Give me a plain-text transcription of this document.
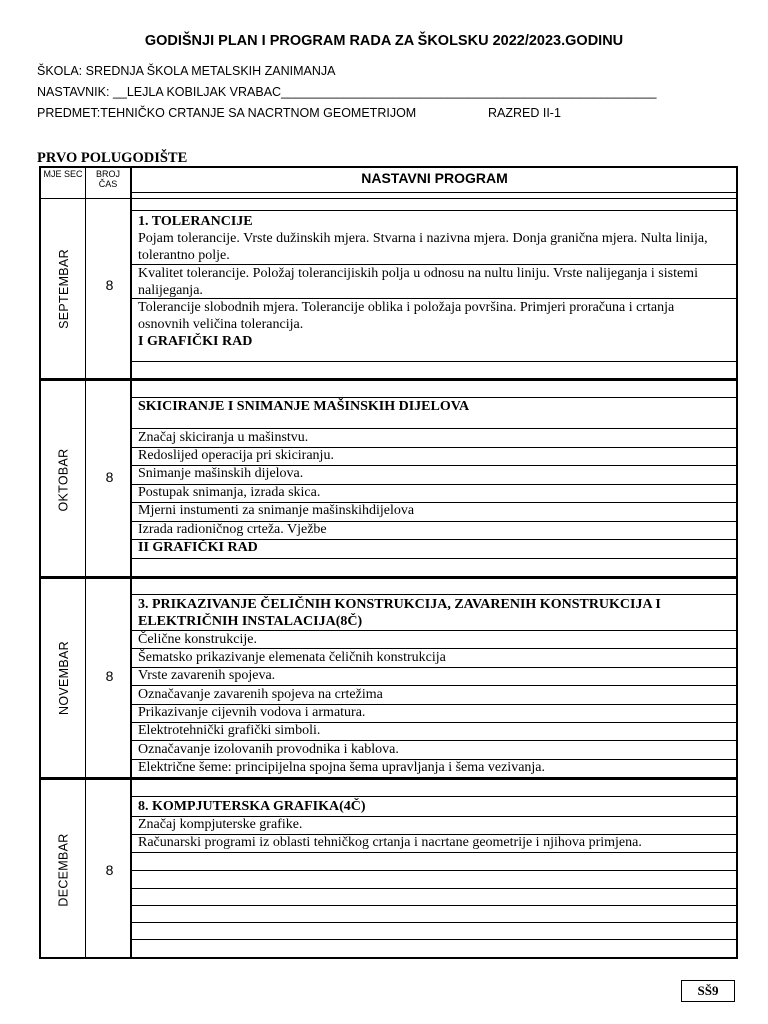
GODIŠNJI PLAN I PROGRAM RADA ZA ŠKOLSKU 2022/2023.GODINU
ŠKOLA: SREDNJA ŠKOLA METALSKIH ZANIMANJA
NASTAVNIK: __LEJLA KOBILJAK VRABAC______________________________________________________
PREDMET:TEHNIČKO CRTANJE SA NACRTNOM GEOMETRIJOM	RAZRED II-1
PRVO POLUGODIŠTE
MJE SEC	BROJ ČAS	NASTAVNI PROGRAM
SEPTEMBAR	8
1. TOLERANCIJE
Pojam tolerancije. Vrste dužinskih mjera. Stvarna i nazivna mjera. Donja granična mjera. Nulta linija, tolerantno polje.
Kvalitet tolerancije. Položaj tolerancijiskih polja u odnosu na nultu liniju. Vrste nalijeganja i sistemi nalijeganja.
Tolerancije slobodnih mjera. Tolerancije oblika i položaja površina. Primjeri proračuna i crtanja osnovnih veličina tolerancija.
I GRAFIČKI RAD
OKTOBAR	8
SKICIRANJE I SNIMANJE MAŠINSKIH DIJELOVA
Značaj skiciranja u mašinstvu.
Redoslijed operacija pri skiciranju.
Snimanje mašinskih dijelova.
Postupak snimanja, izrada skica.
Mjerni instumenti za snimanje mašinskihdijelova
Izrada radioničnog crteža. Vježbe
II GRAFIČKI RAD
NOVEMBAR	8
3. PRIKAZIVANJE ČELIČNIH KONSTRUKCIJA, ZAVARENIH KONSTRUKCIJA I ELEKTRIČNIH INSTALACIJA(8Č)
Čelične konstrukcije.
Šematsko prikazivanje elemenata čeličnih konstrukcija
Vrste zavarenih spojeva.
Označavanje zavarenih spojeva na crtežima
Prikazivanje cijevnih vodova i armatura.
Elektrotehnički grafički simboli.
Označavanje izolovanih provodnika i kablova.
Električne šeme: principijelna spojna šema upravljanja i šema vezivanja.
DECEMBAR	8
8. KOMPJUTERSKA GRAFIKA(4Č)
Značaj kompjuterske grafike.
Računarski programi iz oblasti tehničkog crtanja i nacrtane geometrije i njihova primjena.
SŠ9
